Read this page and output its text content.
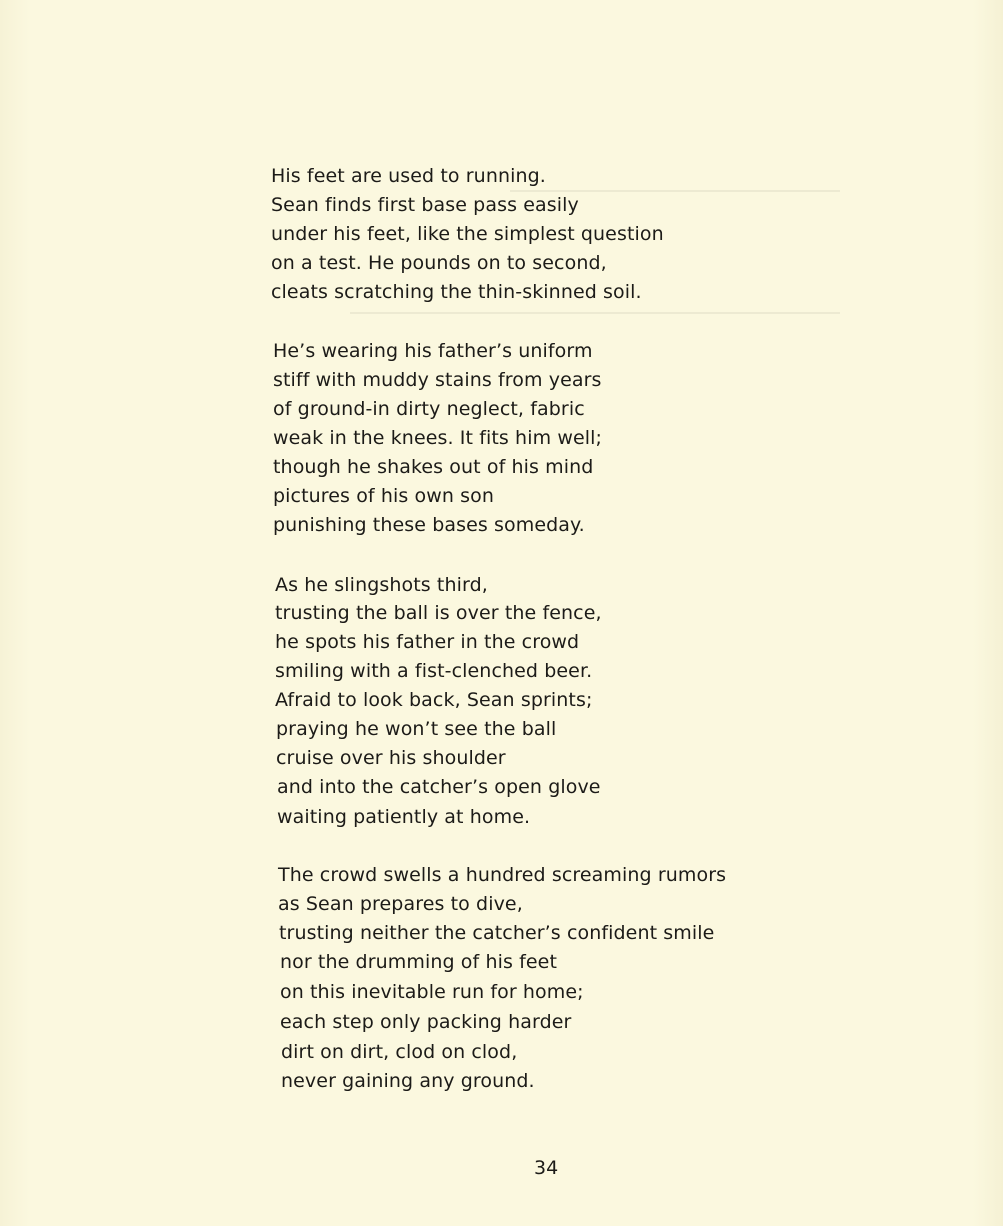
His feet are used to running.
Sean finds first base pass easily
under his feet, like the simplest question
on a test. He pounds on to second,
cleats scratching the thin-skinned soil.
He’s wearing his father’s uniform
stiff with muddy stains from years
of ground-in dirty neglect, fabric
weak in the knees. It fits him well;
though he shakes out of his mind
pictures of his own son
punishing these bases someday.
As he slingshots third,
trusting the ball is over the fence,
he spots his father in the crowd
smiling with a fist-clenched beer.
Afraid to look back, Sean sprints;
praying he won’t see the ball
cruise over his shoulder
and into the catcher’s open glove
waiting patiently at home.
The crowd swells a hundred screaming rumors
as Sean prepares to dive,
trusting neither the catcher’s confident smile
nor the drumming of his feet
on this inevitable run for home;
each step only packing harder
dirt on dirt, clod on clod,
never gaining any ground.
34
